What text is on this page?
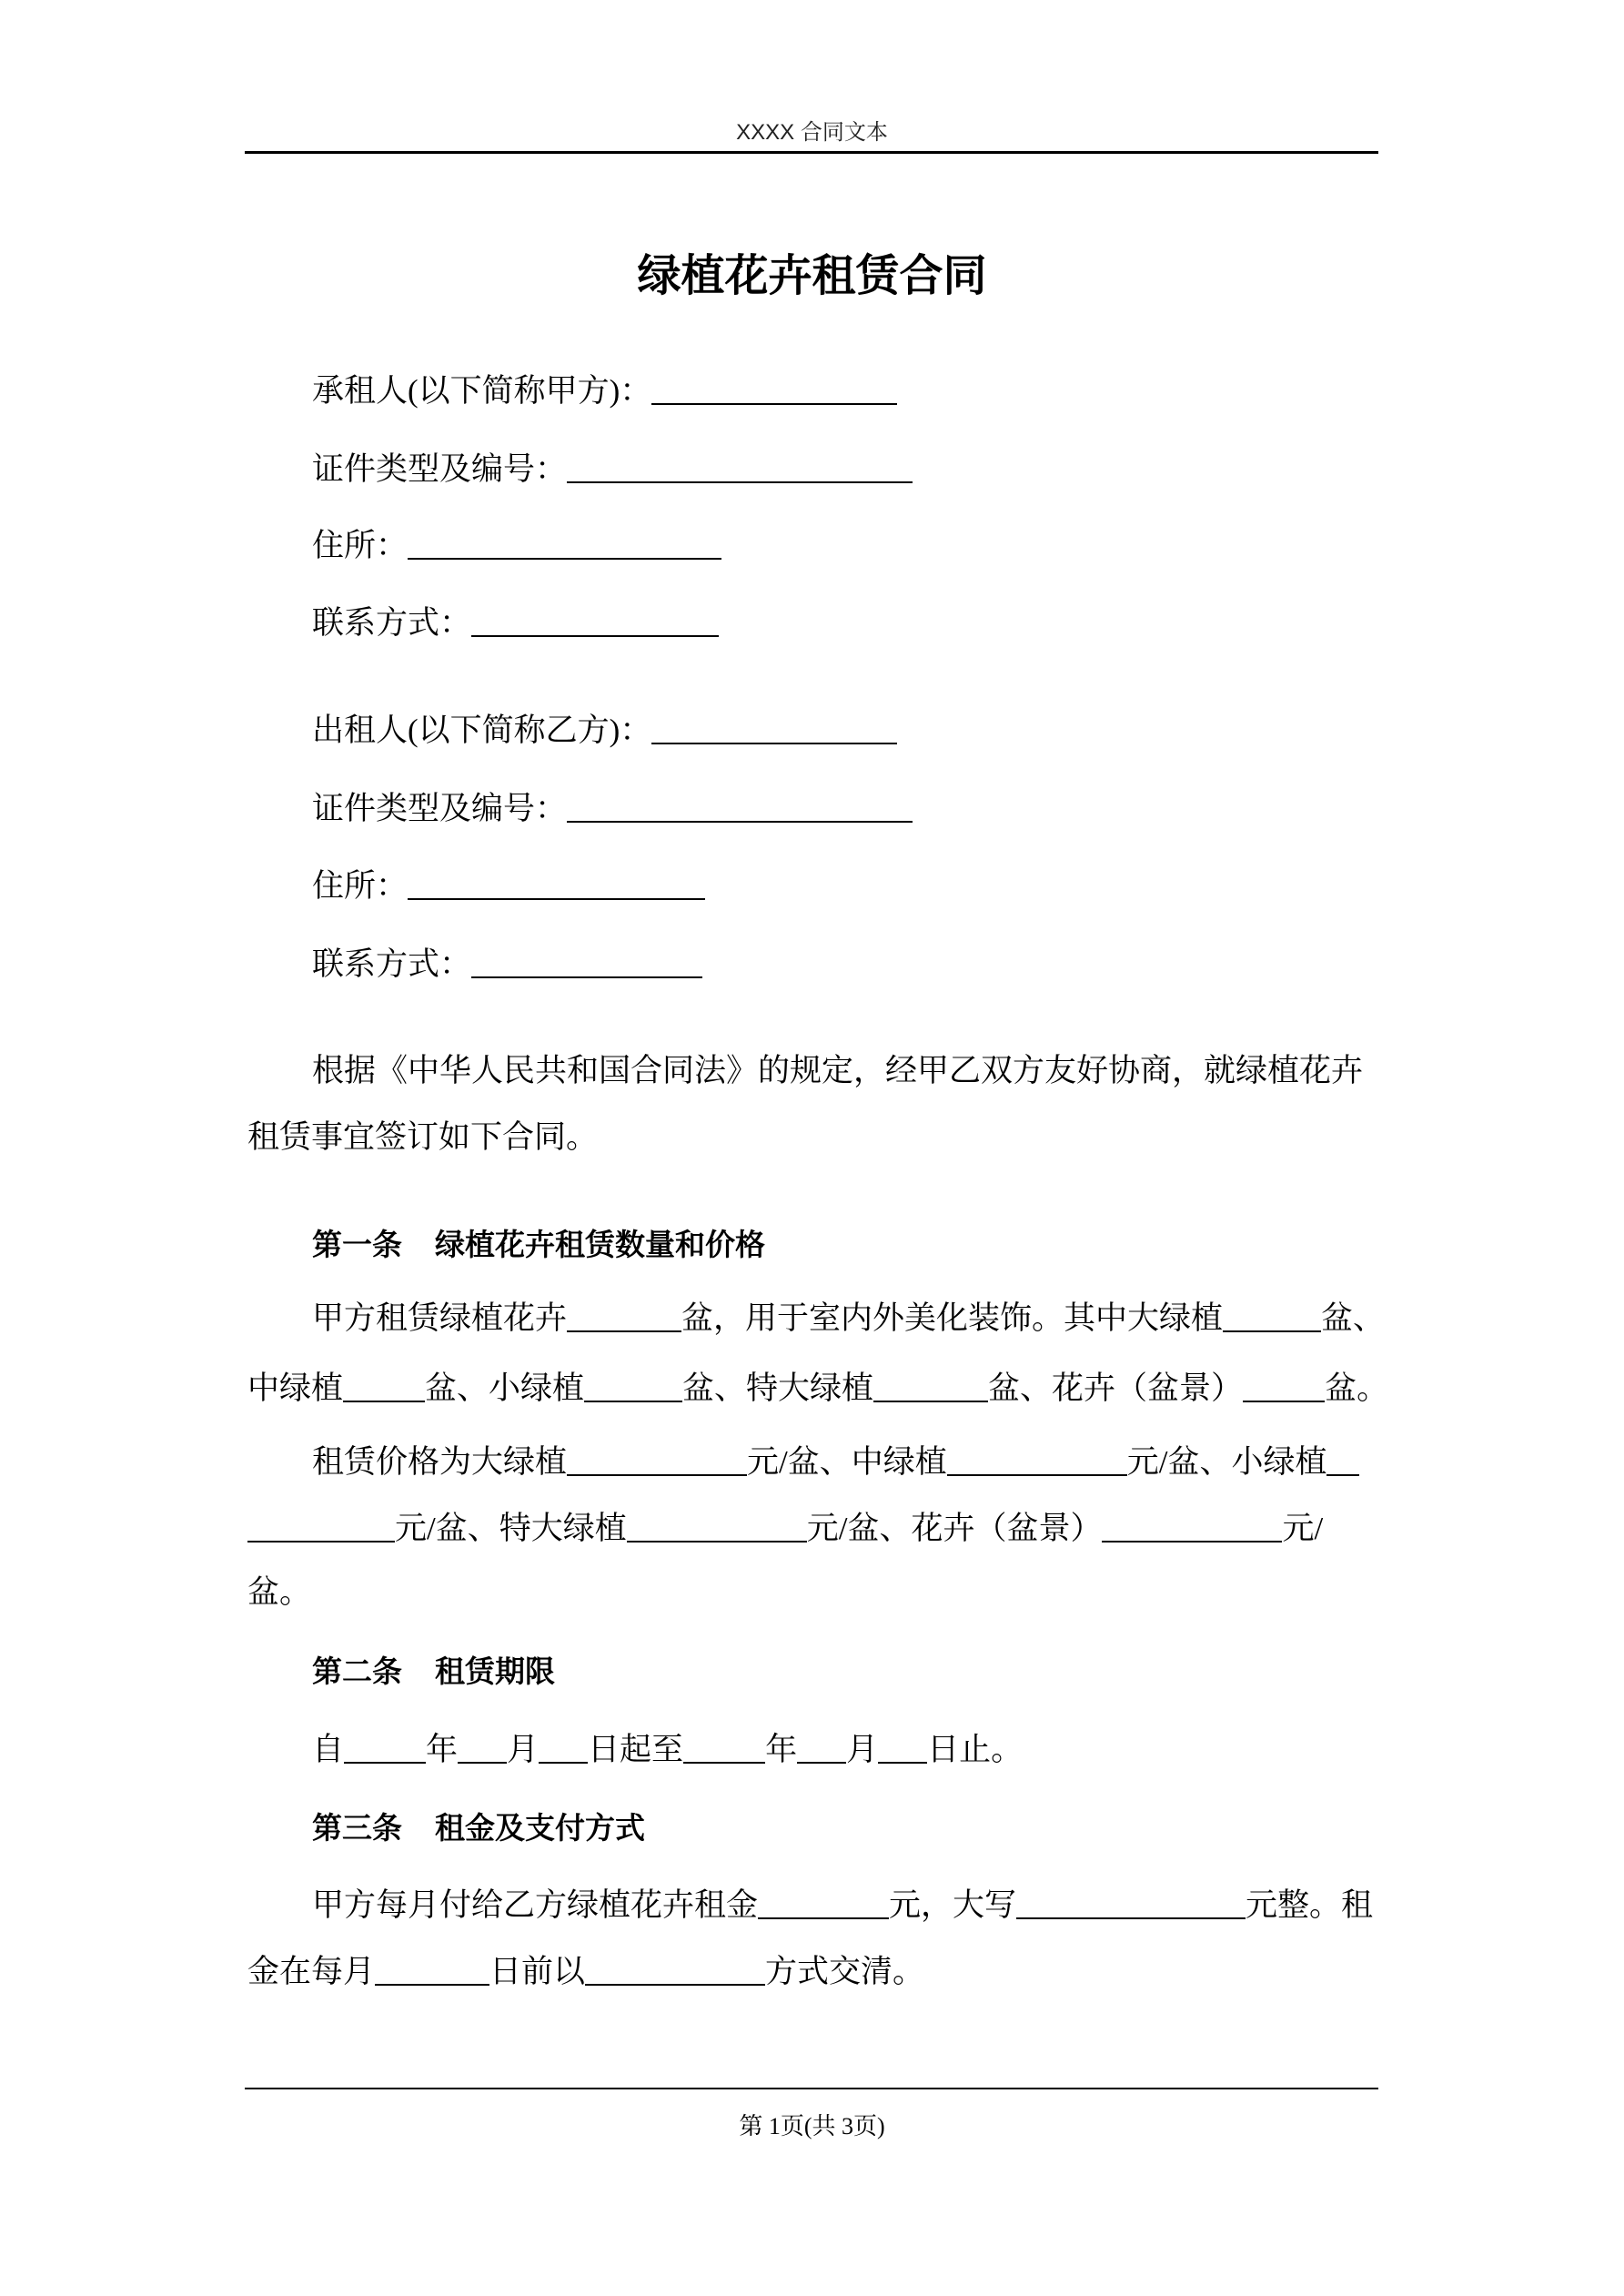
XXXX 合同文本
绿植花卉租赁合同
承租人(以下简称甲方)：
证件类型及编号：
住所：
联系方式：
出租人(以下简称乙方)：
证件类型及编号：
住所：
联系方式：
根据《中华人民共和国合同法》的规定，经甲乙双方友好协商，就绿植花卉
租赁事宜签订如下合同。
第一条 绿植花卉租赁数量和价格
甲方租赁绿植花卉	盆，用于室内外美化装饰。其中大绿植	盆、
中绿植	盆、小绿植	盆、特大绿植	盆、花卉（盆景）	盆。
租赁价格为大绿植	元/盆、中绿植	元/盆、小绿植
元/盆、特大绿植	元/盆、花卉（盆景）	元/
盆。
第二条 租赁期限
自	年 月 日起至	年 月 日止。
第三条 租金及支付方式
甲方每月付给乙方绿植花卉租金	元，大写	元整。租
金在每月	日前以	方式交清。
第 1页(共 3页)
